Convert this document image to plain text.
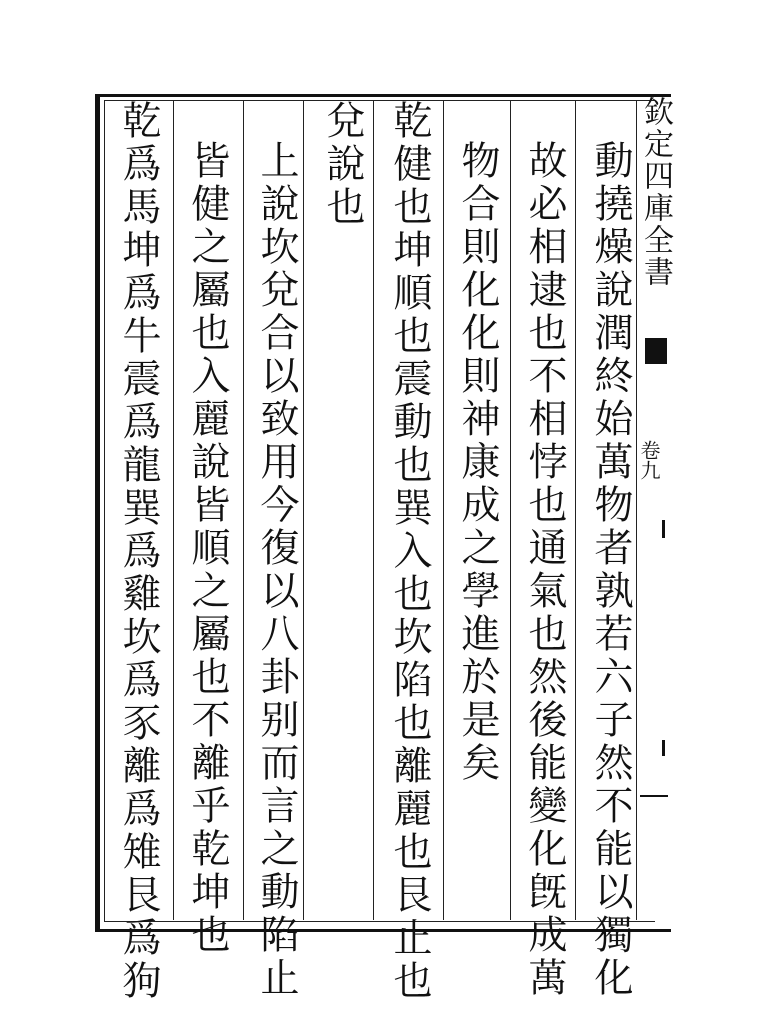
欽定四庫全書
卷九
動撓燥說潤終始萬物者孰若六子然不能以獨化
故必相逮也不相悖也通氣也然後能變化旣成萬
物合則化化則神康成之學進於是矣
乾健也坤順也震動也巽入也坎陷也離麗也艮止也
兌說也
上說坎兌合以致用今復以八卦别而言之動陷止
皆健之屬也入麗說皆順之屬也不離乎乾坤也
乾爲馬坤爲牛震爲龍巽爲雞坎爲豕離爲雉艮爲狗
